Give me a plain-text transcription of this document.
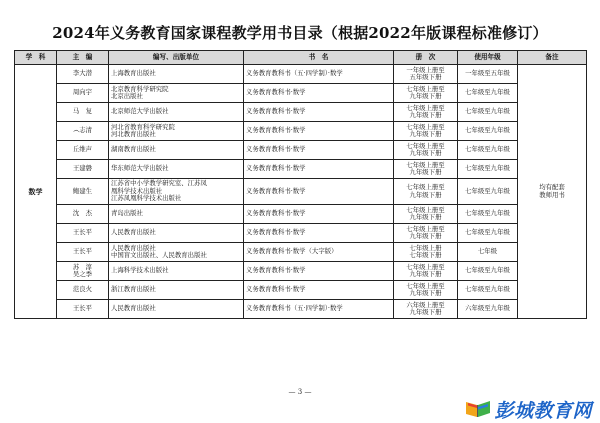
2024年义务教育国家课程教学用书目录（根据2022年版课程标准修订）
学　科	主　编	编写、出版单位	书　名	册　次	使用年级	备注
数学	李大潜	上海教育出版社	义务教育教科书（五·四学制）·数学	一年级上册至
五年级下册	一年级至五年级	均有配套
教师用书

	周向宇	北京教育科学研究院
北京出版社	义务教育教科书·数学	七年级上册至
九年级下册	七年级至九年级	

	马　复	北京师范大学出版社	义务教育教科书·数学	七年级上册至
九年级下册	七年级至九年级	

	෴志清	河北省教育科学研究院
河北教育出版社	义务教育教科书·数学	七年级上册至
九年级下册	七年级至九年级	

	丘维声	湖南教育出版社	义务教育教科书·数学	七年级上册至
九年级下册	七年级至九年级	

	王建磐	华东师范大学出版社	义务教育教科书·数学	七年级上册至
九年级下册	七年级至九年级	

	鲍建生	江苏省中小学教学研究室、江苏凤
凰科学技术出版社
江苏凤凰科学技术出版社	义务教育教科书·数学	七年级上册至
九年级下册	七年级至九年级	

	沈　杰	青岛出版社	义务教育教科书·数学	七年级上册至
九年级下册	七年级至九年级	

	王长平	人民教育出版社	义务教育教科书·数学	七年级上册至
九年级下册	七年级至九年级	

	王长平	人民教育出版社
中国盲文出版社、人民教育出版社	义务教育教科书·数学（大字版）	七年级上册
七年级下册	七年级	

	苏　淳
吴之季	上海科学技术出版社	义务教育教科书·数学	七年级上册至
九年级下册	七年级至九年级	

	范良火	浙江教育出版社	义务教育教科书·数学	七年级上册至
九年级下册	七年级至九年级	

	王长平	人民教育出版社	义务教育教科书（五·四学制）·数学	六年级上册至
九年级下册	六年级至九年级	
— 3 —
彭城教育网
